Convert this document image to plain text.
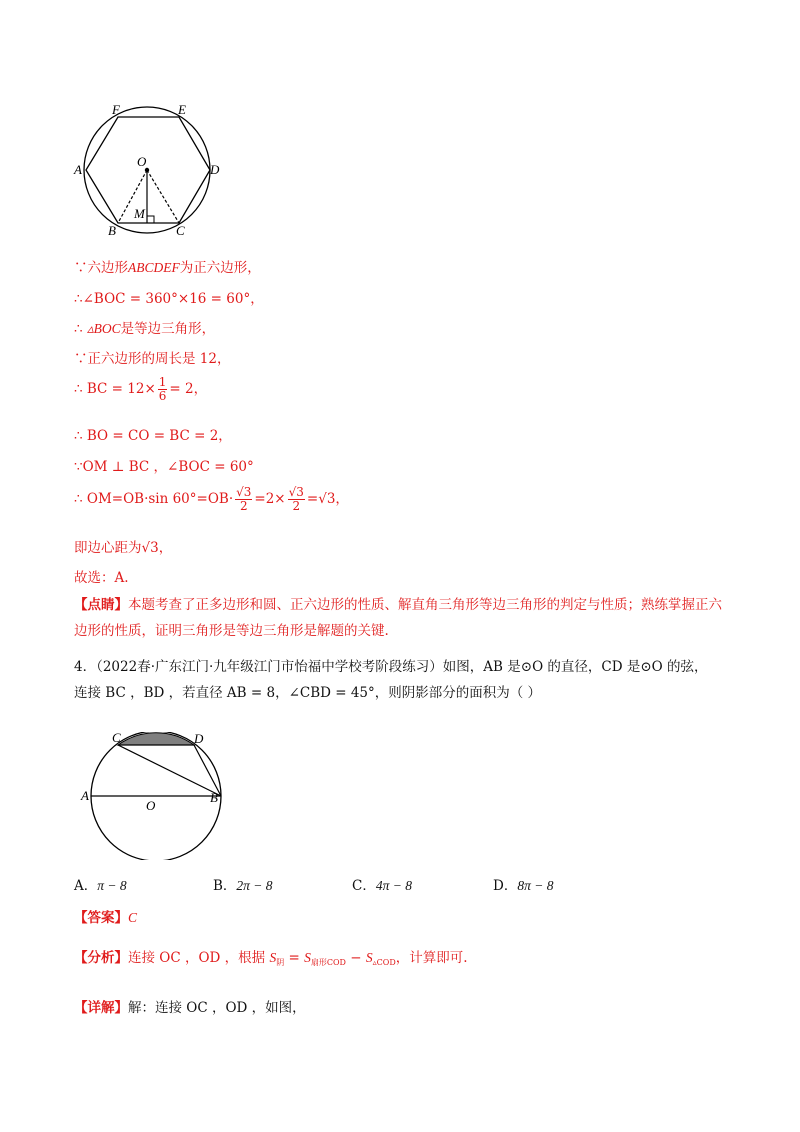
F	E
A
O
D
M
B	C
∵六边形ABCDEF为正六边形，
∴∠BOC = 360°×16 = 60°，
∴ ▵BOC是等边三角形，
∵正六边形的周长是 12，
∴ BC = $12\times \frac{1}{6} = 2$，
∴ BO = CO = BC = 2，
∵OM ⊥ BC ，∠BOC = 60°
∴ OM=OB·sin $60^\circ=OB\cdot \frac{√3}{2} =2\times \frac{√3}{2} =√3$，
即边心距为√3，
故选：A.
【点睛】本题考查了正多边形和圆、正六边形的性质、解直角三角形等边三角形的判定与性质；熟练掌握正六边形的性质，证明三角形是等边三角形是解题的关键.
4．（2022春·广东江门·九年级江门市怡福中学校考阶段练习）如图，AB 是⊙O 的直径，CD 是⊙O 的弦，
连接 BC ，BD ，若直径 AB = 8，∠CBD = 45°，则阴影部分的面积为（ ）
C	D
A
O
B
A．π − 8	B．2π − 8	C．4π − 8	D．8π − 8
【答案】C
【分析】连接 OC ，OD ，根据 $S_阴 = S_{扇形COD} - S_{▵COD}$，计算即可.
【详解】解：连接 OC ，OD ，如图，
